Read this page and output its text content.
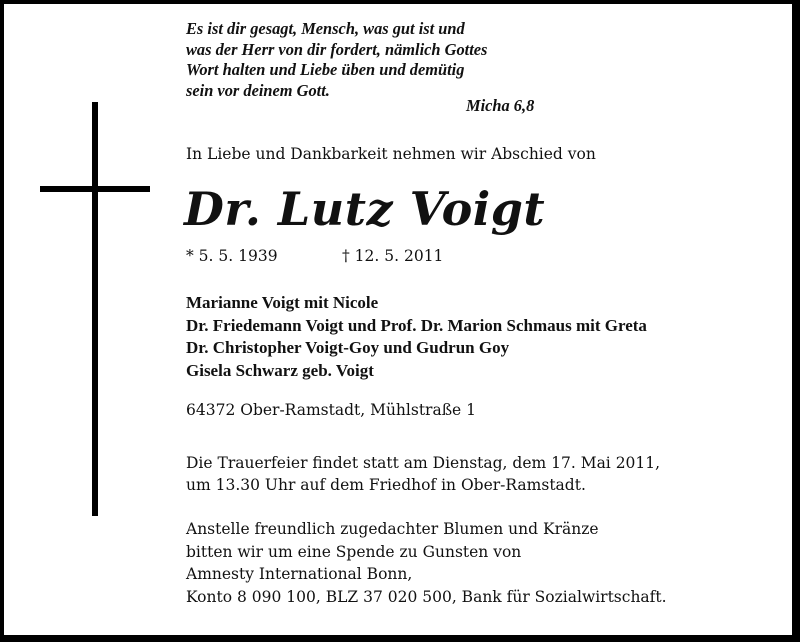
Es ist dir gesagt, Mensch, was gut ist und
was der Herr von dir fordert, nämlich Gottes
Wort halten und Liebe üben und demütig
sein vor deinem Gott.
Micha 6,8
In Liebe und Dankbarkeit nehmen wir Abschied von
Dr. Lutz Voigt
* 5. 5. 1939	† 12. 5. 2011
Marianne Voigt mit Nicole
Dr. Friedemann Voigt und Prof. Dr. Marion Schmaus mit Greta
Dr. Christopher Voigt-Goy und Gudrun Goy
Gisela Schwarz geb. Voigt
64372 Ober-Ramstadt, Mühlstraße 1
Die Trauerfeier findet statt am Dienstag, dem 17. Mai 2011,
um 13.30 Uhr auf dem Friedhof in Ober-Ramstadt.
Anstelle freundlich zugedachter Blumen und Kränze
bitten wir um eine Spende zu Gunsten von
Amnesty International Bonn,
Konto 8 090 100, BLZ 37 020 500, Bank für Sozialwirtschaft.
